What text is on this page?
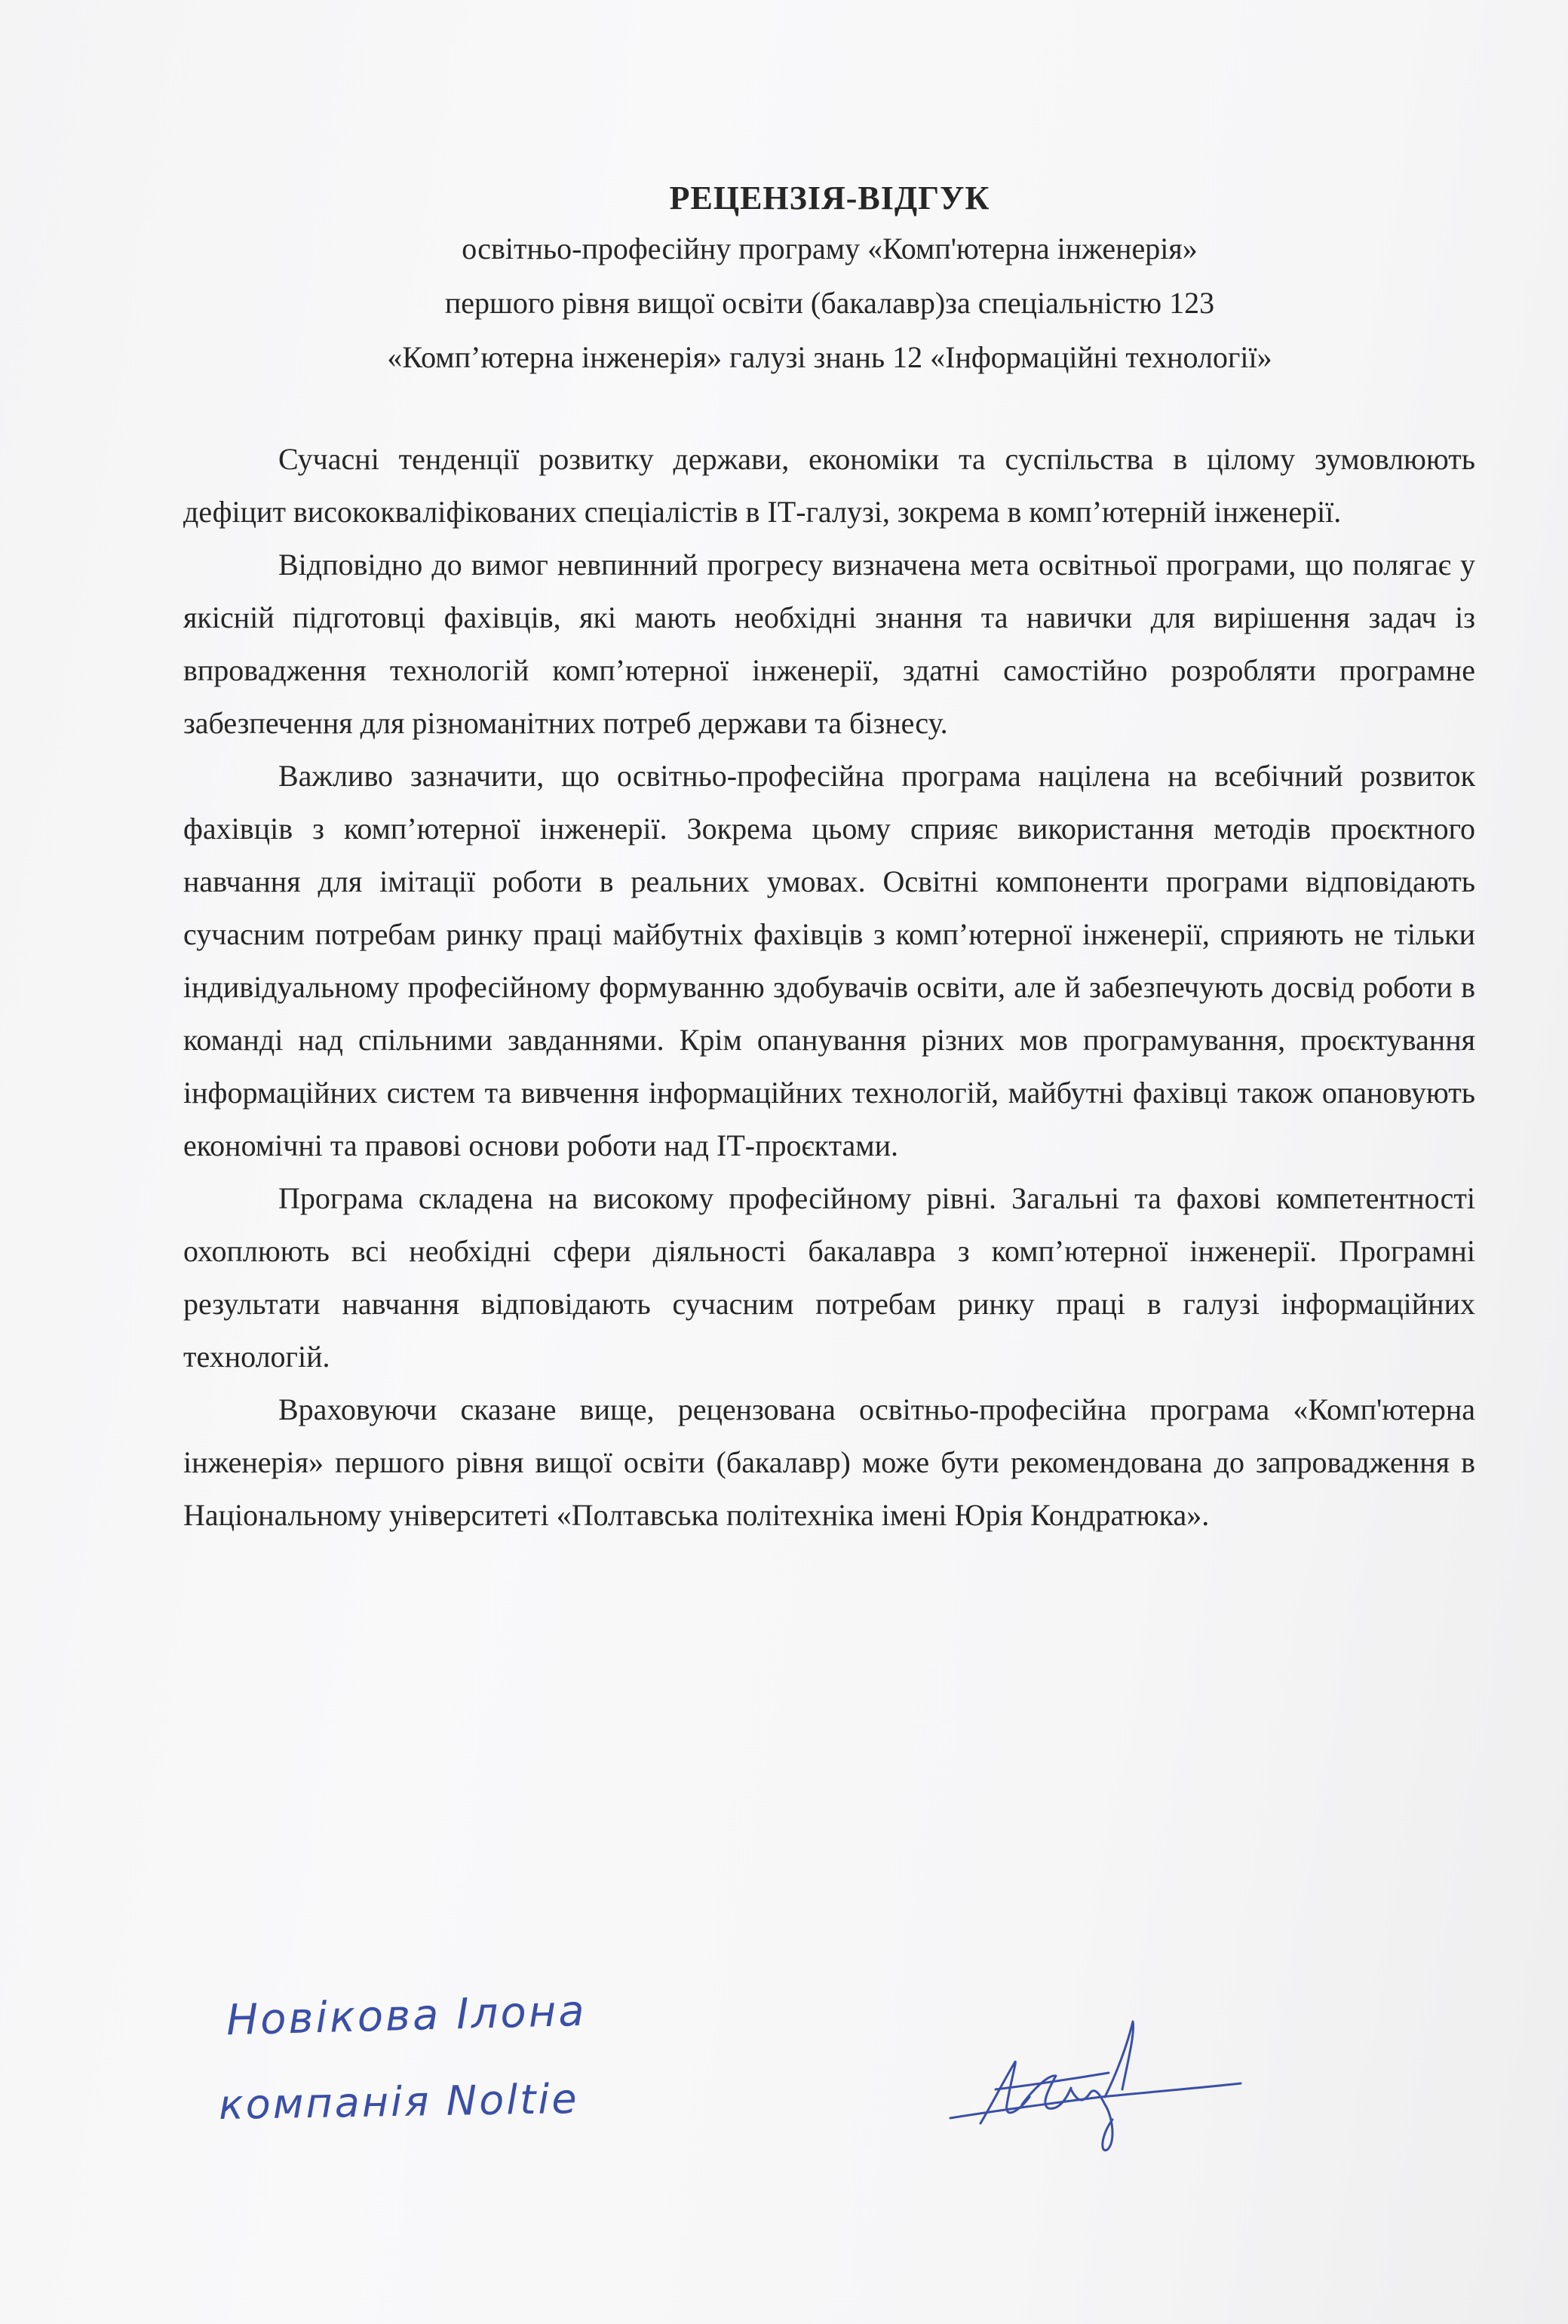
РЕЦЕНЗІЯ-ВІДГУК
освітньо-професійну програму «Комп'ютерна інженерія»
першого рівня вищої освіти (бакалавр)за спеціальністю 123
«Комп’ютерна інженерія» галузі знань 12 «Інформаційні технології»

Сучасні тенденції розвитку держави, економіки та суспільства в цілому зумовлюють дефіцит висококваліфікованих спеціалістів в ІТ-галузі, зокрема в комп’ютерній інженерії.

Відповідно до вимог невпинний прогресу визначена мета освітньої програми, що полягає у якісній підготовці фахівців, які мають необхідні знання та навички для вирішення задач із впровадження технологій комп’ютерної інженерії, здатні самостійно розробляти програмне забезпечення для різноманітних потреб держави та бізнесу.

Важливо зазначити, що освітньо-професійна програма націлена на всебічний розвиток фахівців з комп’ютерної інженерії. Зокрема цьому сприяє використання методів проєктного навчання для імітації роботи в реальних умовах. Освітні компоненти програми відповідають сучасним потребам ринку праці майбутніх фахівців з комп’ютерної інженерії, сприяють не тільки індивідуальному професійному формуванню здобувачів освіти, але й забезпечують досвід роботи в команді над спільними завданнями. Крім опанування різних мов програмування, проєктування інформаційних систем та вивчення інформаційних технологій, майбутні фахівці також опановують економічні та правові основи роботи над ІТ-проєктами.

Програма складена на високому професійному рівні. Загальні та фахові компетентності охоплюють всі необхідні сфери діяльності бакалавра з комп’ютерної інженерії. Програмні результати навчання відповідають сучасним потребам ринку праці в галузі інформаційних технологій.

Враховуючи сказане вище, рецензована освітньо-професійна програма «Комп'ютерна інженерія» першого рівня вищої освіти (бакалавр) може бути рекомендована до запровадження в Національному університеті «Полтавська політехніка імені Юрія Кондратюка».

Новікова Ілона
компанія Noltie
